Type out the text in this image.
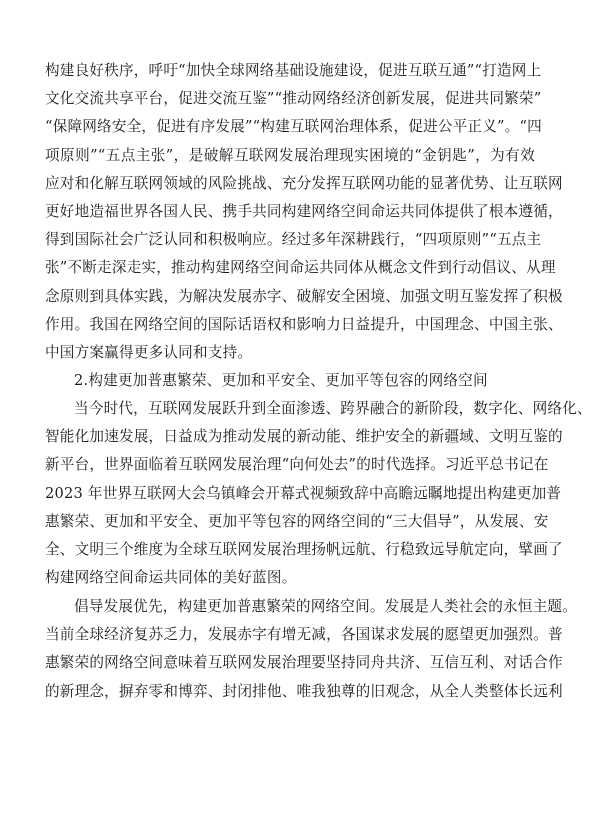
构建良好秩序，呼吁“加快全球网络基础设施建设，促进互联互通”“打造网上
文化交流共享平台，促进交流互鉴”“推动网络经济创新发展，促进共同繁荣”
“保障网络安全，促进有序发展”“构建互联网治理体系，促进公平正义”。“四
项原则”“五点主张”，是破解互联网发展治理现实困境的“金钥匙”，为有效
应对和化解互联网领域的风险挑战、充分发挥互联网功能的显著优势、让互联网
更好地造福世界各国人民、携手共同构建网络空间命运共同体提供了根本遵循，
得到国际社会广泛认同和积极响应。经过多年深耕践行，“四项原则”“五点主
张”不断走深走实，推动构建网络空间命运共同体从概念文件到行动倡议、从理
念原则到具体实践，为解决发展赤字、破解安全困境、加强文明互鉴发挥了积极
作用。我国在网络空间的国际话语权和影响力日益提升，中国理念、中国主张、
中国方案赢得更多认同和支持。
2.构建更加普惠繁荣、更加和平安全、更加平等包容的网络空间
当今时代，互联网发展跃升到全面渗透、跨界融合的新阶段，数字化、网络化、
智能化加速发展，日益成为推动发展的新动能、维护安全的新疆域、文明互鉴的
新平台，世界面临着互联网发展治理“向何处去”的时代选择。习近平总书记在
2023 年世界互联网大会乌镇峰会开幕式视频致辞中高瞻远瞩地提出构建更加普
惠繁荣、更加和平安全、更加平等包容的网络空间的“三大倡导”，从发展、安
全、文明三个维度为全球互联网发展治理扬帆远航、行稳致远导航定向，擘画了
构建网络空间命运共同体的美好蓝图。
倡导发展优先，构建更加普惠繁荣的网络空间。发展是人类社会的永恒主题。
当前全球经济复苏乏力，发展赤字有增无减，各国谋求发展的愿望更加强烈。普
惠繁荣的网络空间意味着互联网发展治理要坚持同舟共济、互信互利、对话合作
的新理念，摒弃零和博弈、封闭排他、唯我独尊的旧观念，从全人类整体长远利
